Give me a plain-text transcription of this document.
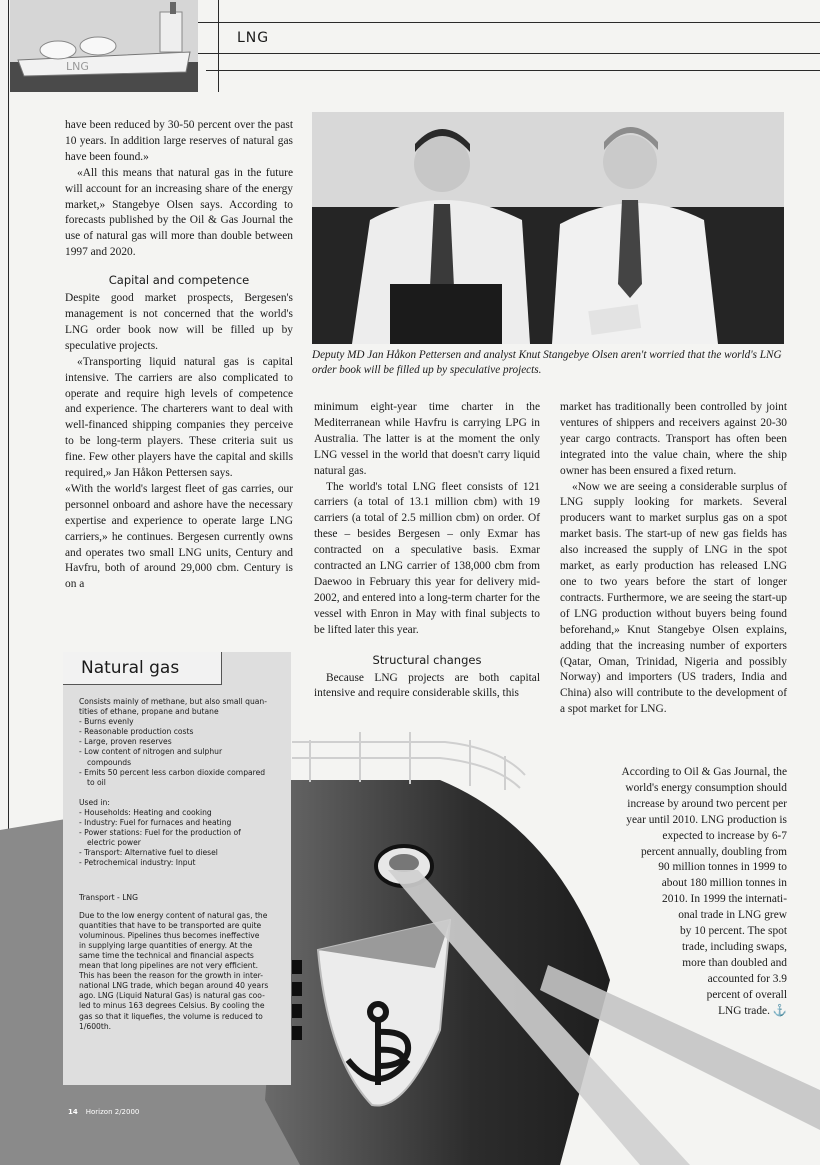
LNG
LNG

have been reduced by 30-50 percent over the past 10 years. In addition large reserves of natural gas have been found.»

«All this means that natural gas in the future will account for an increasing share of the energy market,» Stangebye Olsen says. According to forecasts published by the Oil & Gas Journal the use of natural gas will more than double between 1997 and 2020.

Capital and competence

Despite good market prospects, Bergesen's management is not concerned that the world's LNG order book now will be filled up by speculative projects.

«Transporting liquid natural gas is capital intensive. The carriers are also complicated to operate and require high levels of competence and experience. The charterers want to deal with well-financed shipping companies they perceive to be long-term players. These criteria suit us fine. Few other players have the capital and skills required,» Jan Håkon Pettersen says.

«With the world's largest fleet of gas carries, our personnel onboard and ashore have the necessary expertise and experience to operate large LNG carriers,» he continues. Bergesen currently owns and operates two small LNG units, Century and Havfru, both of around 29,000 cbm. Century is on a

Deputy MD Jan Håkon Pettersen and analyst Knut Stangebye Olsen aren't worried that the world's LNG order book will be filled up by speculative projects.

minimum eight-year time charter in the Mediterranean while Havfru is carrying LPG in Australia. The latter is at the moment the only LNG vessel in the world that doesn't carry liquid natural gas.

The world's total LNG fleet consists of 121 carriers (a total of 13.1 million cbm) with 19 carriers (a total of 2.5 million cbm) on order. Of these – besides Bergesen – only Exmar has contracted on a speculative basis. Exmar contracted an LNG carrier of 138,000 cbm from Daewoo in February this year for delivery mid-2002, and entered into a long-term charter for the vessel with Enron in May with final subjects to be lifted later this year.

Structural changes

Because LNG projects are both capital intensive and require considerable skills, this

market has traditionally been controlled by joint ventures of shippers and receivers against 20-30 year cargo contracts. Transport has often been integrated into the value chain, where the ship owner has been ensured a fixed return.

«Now we are seeing a considerable surplus of LNG supply looking for markets. Several producers want to market surplus gas on a spot market basis. The start-up of new gas fields has also increased the supply of LNG in the spot market, as early production has released LNG one to two years before the start of longer contracts. Furthermore, we are seeing the start-up of LNG production without buyers being found beforehand,» Knut Stangebye Olsen explains, adding that the increasing number of exporters (Qatar, Oman, Trinidad, Nigeria and possibly Norway) and importers (US traders, India and China) also will contribute to the development of a spot market for LNG.

According to Oil & Gas Journal, the
world's energy consumption should
increase by around two percent per
year until 2010. LNG production is
expected to increase by 6-7
percent annually, doubling from
90 million tonnes in 1999 to
about 180 million tonnes in
2010. In 1999 the internati-
onal trade in LNG grew
by 10 percent. The spot
trade, including swaps,
more than doubled and
accounted for 3.9
percent of overall
LNG trade. ⚓
Natural gas

Consists mainly of methane, but also small quan-

tities of ethane, propane and butane

- Burns evenly

- Reasonable production costs

- Large, proven reserves

- Low content of nitrogen and sulphur

compounds

- Emits 50 percent less carbon dioxide compared

to oil

Used in:

- Households: Heating and cooking

- Industry: Fuel for furnaces and heating

- Power stations: Fuel for the production of

electric power

- Transport: Alternative fuel to diesel

- Petrochemical industry: Input

Transport - LNG

Due to the low energy content of natural gas, the

quantities that have to be transported are quite

voluminous. Pipelines thus becomes ineffective

in supplying large quantities of energy. At the

same time the technical and financial aspects

mean that long pipelines are not very efficient.

This has been the reason for the growth in inter-

national LNG trade, which began around 40 years

ago. LNG (Liquid Natural Gas) is natural gas coo-

led to minus 163 degrees Celsius. By cooling the

gas so that it liquefies, the volume is reduced to

1/600th.

14 Horizon 2/2000
